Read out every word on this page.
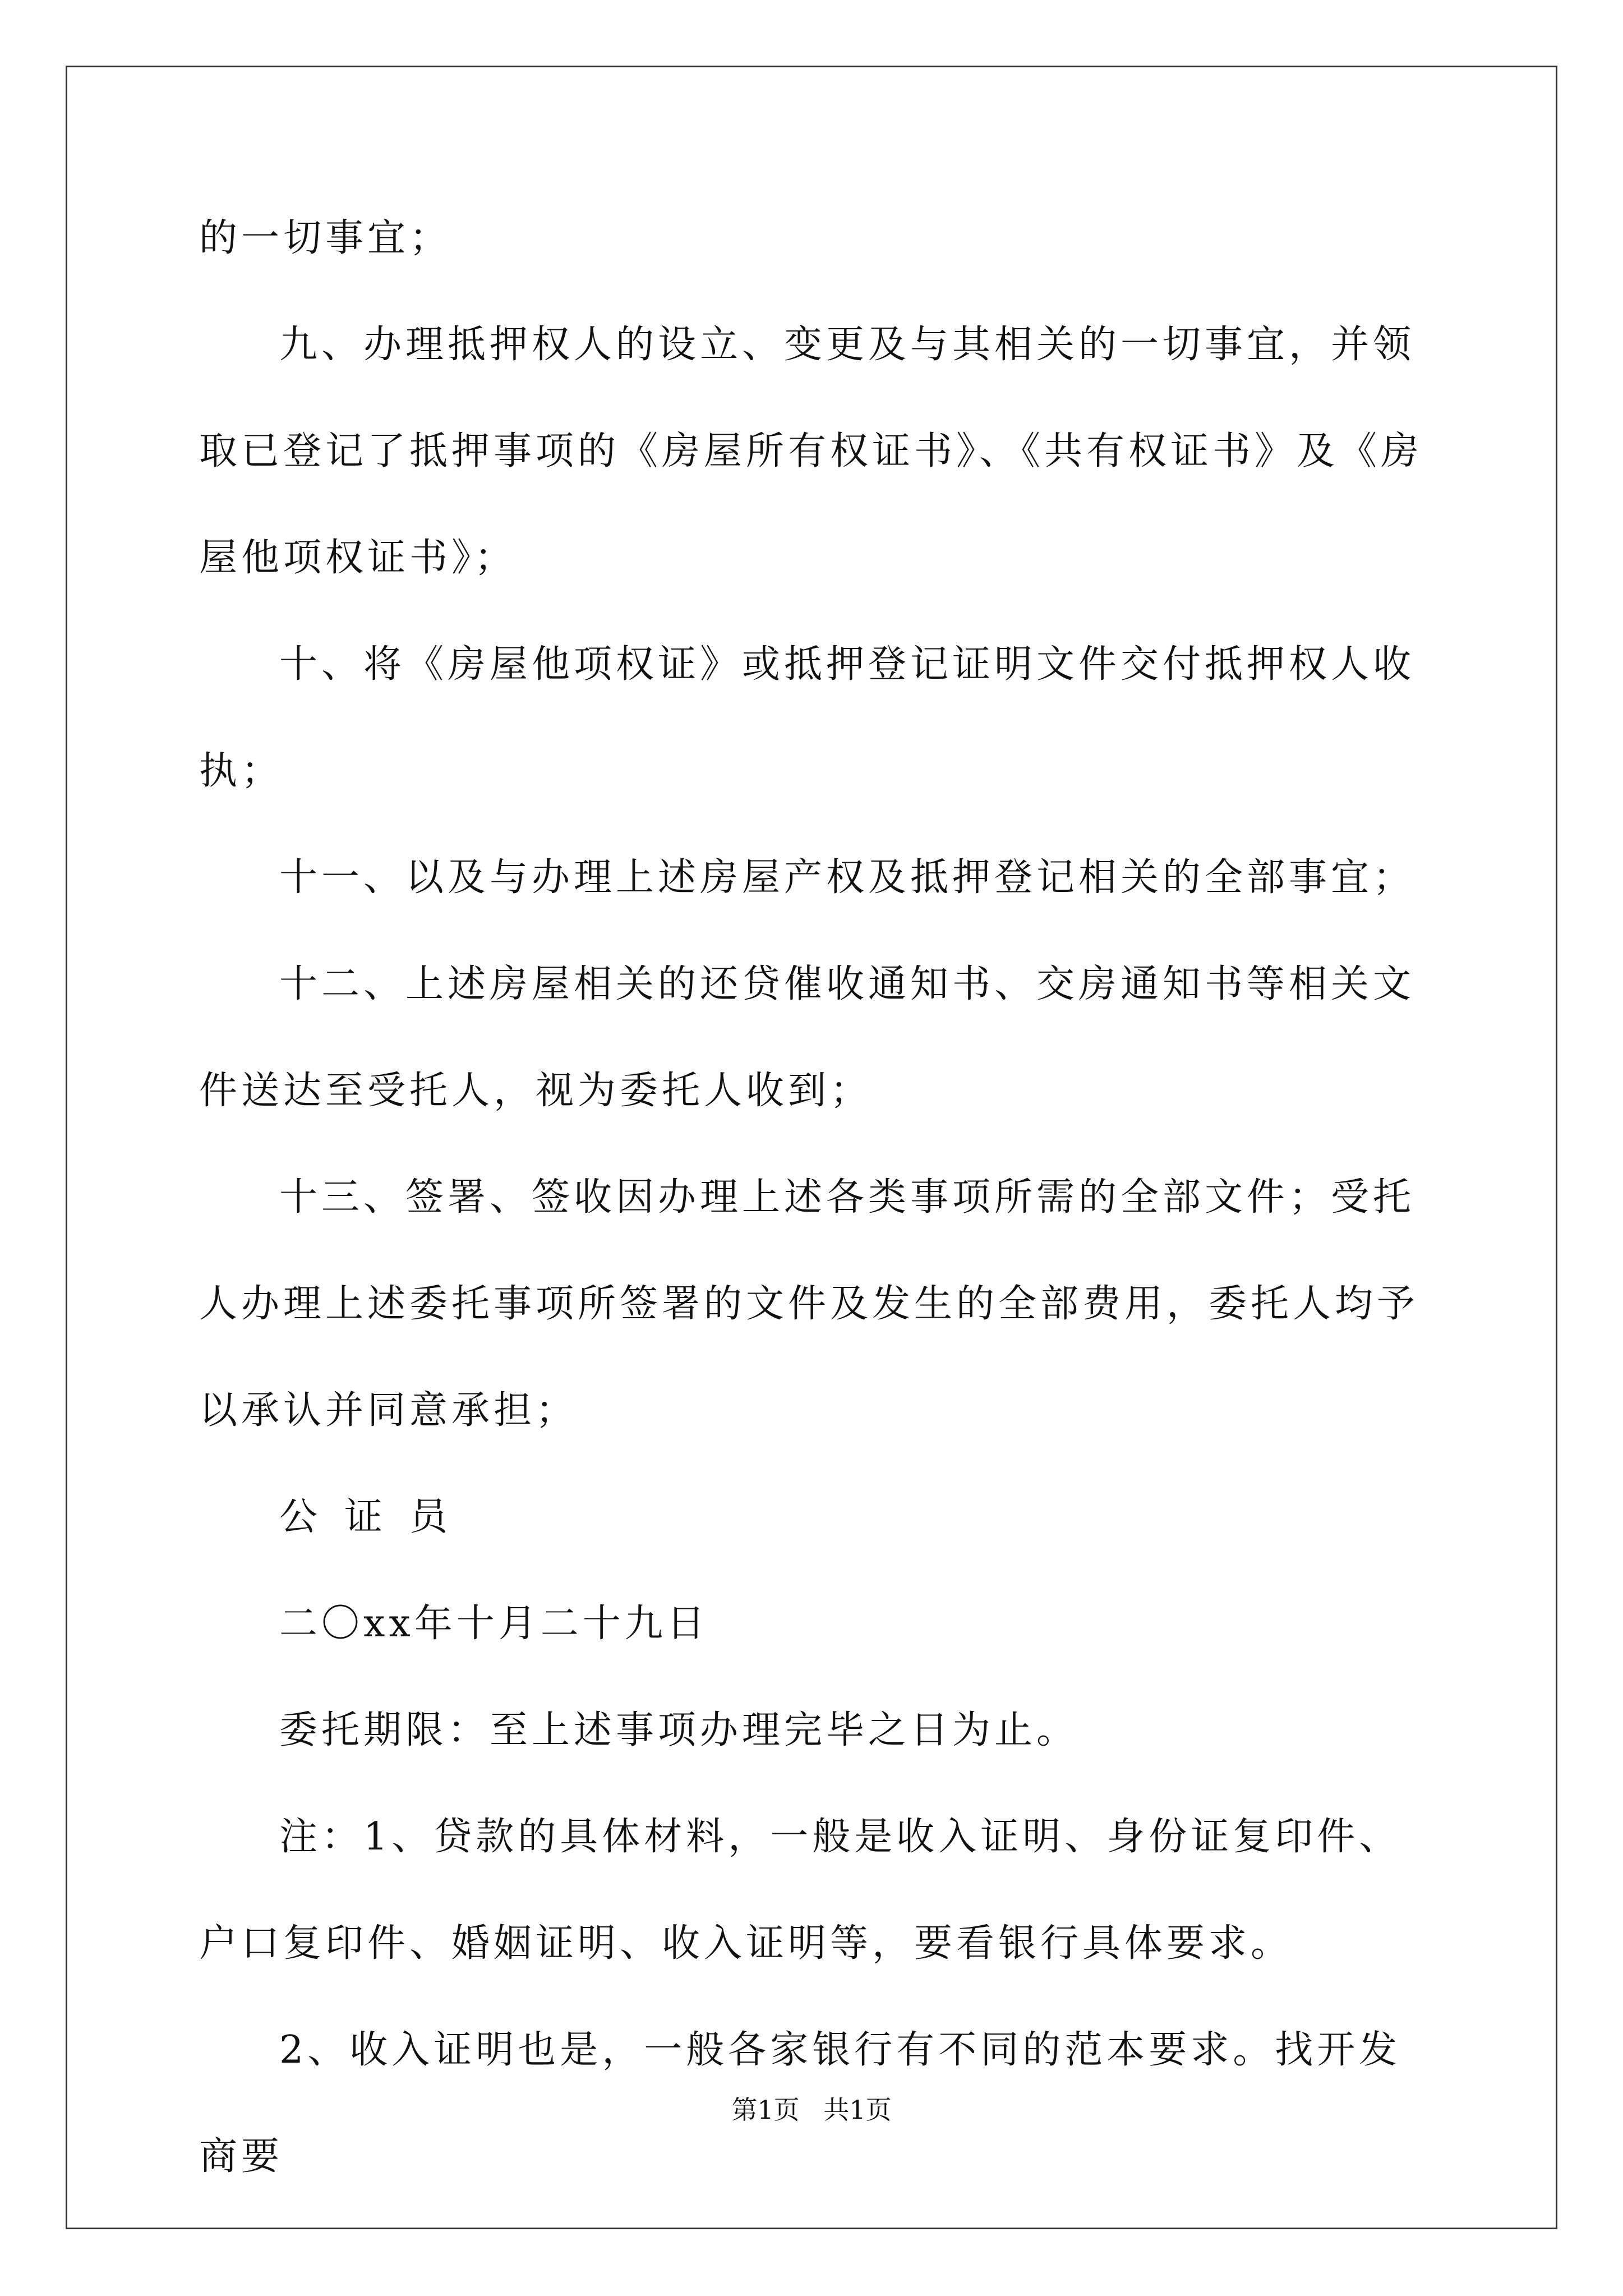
的一切事宜；

九、办理抵押权人的设立、变更及与其相关的一切事宜，并领取已登记了抵押事项的《房屋所有权证书》、《共有权证书》及《房屋他项权证书》；

十、将《房屋他项权证》或抵押登记证明文件交付抵押权人收执；

十一、以及与办理上述房屋产权及抵押登记相关的全部事宜；

十二、上述房屋相关的还贷催收通知书、交房通知书等相关文件送达至受托人，视为委托人收到；

十三、签署、签收因办理上述各类事项所需的全部文件；受托人办理上述委托事项所签署的文件及发生的全部费用，委托人均予以承认并同意承担；

公证员

二〇xx年十月二十九日

委托期限：至上述事项办理完毕之日为止。

注：1、贷款的具体材料，一般是收入证明、身份证复印件、户口复印件、婚姻证明、收入证明等，要看银行具体要求。

2、收入证明也是，一般各家银行有不同的范本要求。找开发商要

第1页 共1页
